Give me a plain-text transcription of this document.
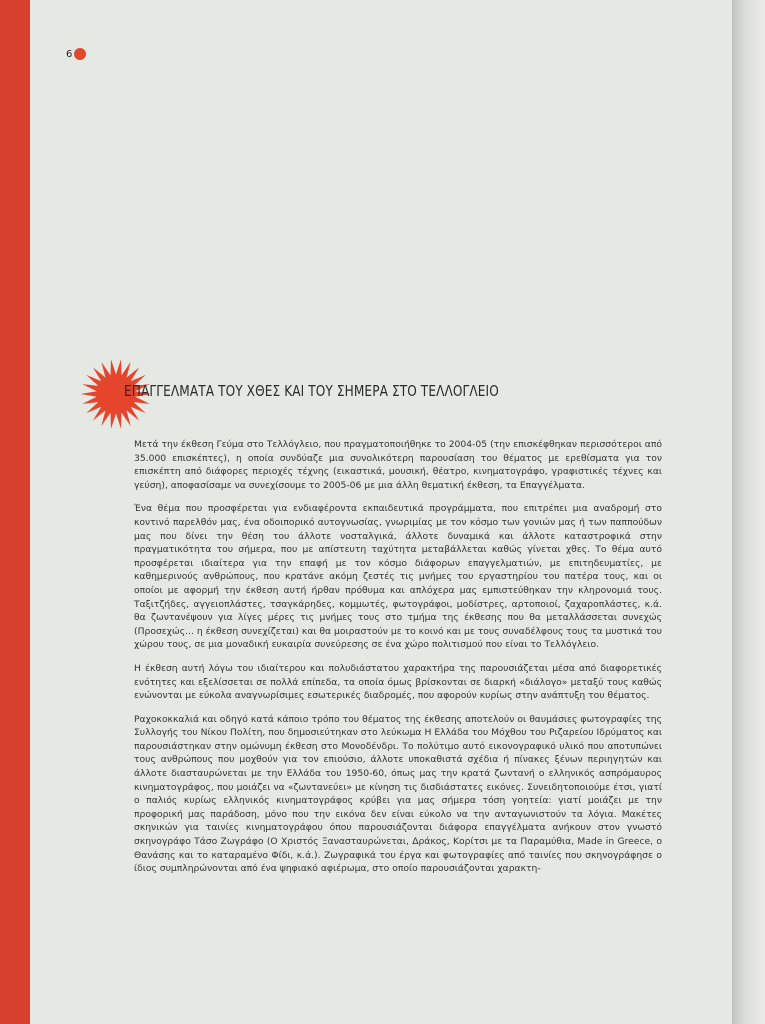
6
ΕΠΑΓΓΕΛΜΑΤΑ ΤΟΥ ΧΘΕΣ ΚΑΙ ΤΟΥ ΣΗΜΕΡΑ ΣΤΟ ΤΕΛΛΟΓΛΕΙΟ

Μετά την έκθεση Γεύμα στο Τελλόγλειο, που πραγματοποιήθηκε το 2004-05 (την επισκέφθηκαν περισσότεροι από 35.000 επισκέπτες), η οποία συνδύαζε μια συνολικότερη παρουσίαση του θέματος με ερεθίσματα για τον επισκέπτη από διάφορες περιοχές τέχνης (εικαστικά, μουσική, θέατρο, κινηματογράφο, γραφιστικές τέχνες και γεύση), αποφασίσαμε να συνεχίσουμε το 2005-06 με μια άλλη θεματική έκθεση, τα Επαγγέλματα.

Ένα θέμα που προσφέρεται για ενδιαφέροντα εκπαιδευτικά προγράμματα, που επιτρέπει μια αναδρομή στο κοντινό παρελθόν μας, ένα οδοιπορικό αυτογνωσίας, γνωριμίας με τον κόσμο των γονιών μας ή των παππούδων μας που δίνει την θέση του άλλοτε νοσταλγικά, άλλοτε δυναμικά και άλλοτε καταστροφικά στην πραγματικότητα του σήμερα, που με απίστευτη ταχύτητα μεταβάλλεται καθώς γίνεται χθες. Το θέμα αυτό προσφέρεται ιδιαίτερα για την επαφή με τον κόσμο διάφορων επαγγελματιών, με επιτηδευματίες, με καθημερινούς ανθρώπους, που κρατάνε ακόμη ζεστές τις μνήμες του εργαστηρίου του πατέρα τους, και οι οποίοι με αφορμή την έκθεση αυτή ήρθαν πρόθυμα και απλόχερα μας εμπιστεύθηκαν την κληρονομιά τους. Ταξιτζήδες, αγγειοπλάστες, τσαγκάρηδες, κομμωτές, φωτογράφοι, μοδίστρες, αρτοποιοί, ζαχαροπλάστες, κ.ά. θα ζωντανέψουν για λίγες μέρες τις μνήμες τους στο τμήμα της έκθεσης που θα μεταλλάσσεται συνεχώς (Προσεχώς... η έκθεση συνεχίζεται) και θα μοιραστούν με το κοινό και με τους συναδέλφους τους τα μυστικά του χώρου τους, σε μια μοναδική ευκαιρία συνεύρεσης σε ένα χώρο πολιτισμού που είναι το Τελλόγλειο.

Η έκθεση αυτή λόγω του ιδιαίτερου και πολυδιάστατου χαρακτήρα της παρουσιάζεται μέσα από διαφορετικές ενότητες και εξελίσσεται σε πολλά επίπεδα, τα οποία όμως βρίσκονται σε διαρκή «διάλογο» μεταξύ τους καθώς ενώνονται με εύκολα αναγνωρίσιμες εσωτερικές διαδρομές, που αφορούν κυρίως στην ανάπτυξη του θέματος.

Ραχοκοκκαλιά και οδηγό κατά κάποιο τρόπο του θέματος της έκθεσης αποτελούν οι θαυμάσιες φωτογραφίες της Συλλογής του Νίκου Πολίτη, που δημοσιεύτηκαν στο λεύκωμα Η Ελλάδα του Μόχθου του Ριζαρείου Ιδρύματος και παρουσιάστηκαν στην ομώνυμη έκθεση στο Μονοδένδρι. Το πολύτιμο αυτό εικονογραφικό υλικό που αποτυπώνει τους ανθρώπους που μοχθούν για τον επιούσιο, άλλοτε υποκαθιστά σχέδια ή πίνακες ξένων περιηγητών και άλλοτε διασταυρώνεται με την Ελλάδα του 1950-60, όπως μας την κρατά ζωντανή ο ελληνικός ασπρόμαυρος κινηματογράφος, που μοιάζει να «ζωντανεύει» με κίνηση τις δισδιάστατες εικόνες. Συνειδητοποιούμε έτσι, γιατί ο παλιός κυρίως ελληνικός κινηματογράφος κρύβει για μας σήμερα τόση γοητεία: γιατί μοιάζει με την προφορική μας παράδοση, μόνο που την εικόνα δεν είναι εύκολο να την ανταγωνιστούν τα λόγια. Μακέτες σκηνικών για ταινίες κινηματογράφου όπου παρουσιάζονται διάφορα επαγγέλματα ανήκουν στον γνωστό σκηνογράφο Τάσο Ζωγράφο (Ο Χριστός Ξανασταυρώνεται, Δράκος, Κορίτσι με τα Παραμύθια, Made in Greece, ο Θανάσης και το καταραμένο Φίδι, κ.ά.). Ζωγραφικά του έργα και φωτογραφίες από ταινίες που σκηνογράφησε ο ίδιος συμπληρώνονται από ένα ψηφιακό αφιέρωμα, στο οποίο παρουσιάζονται χαρακτη-
